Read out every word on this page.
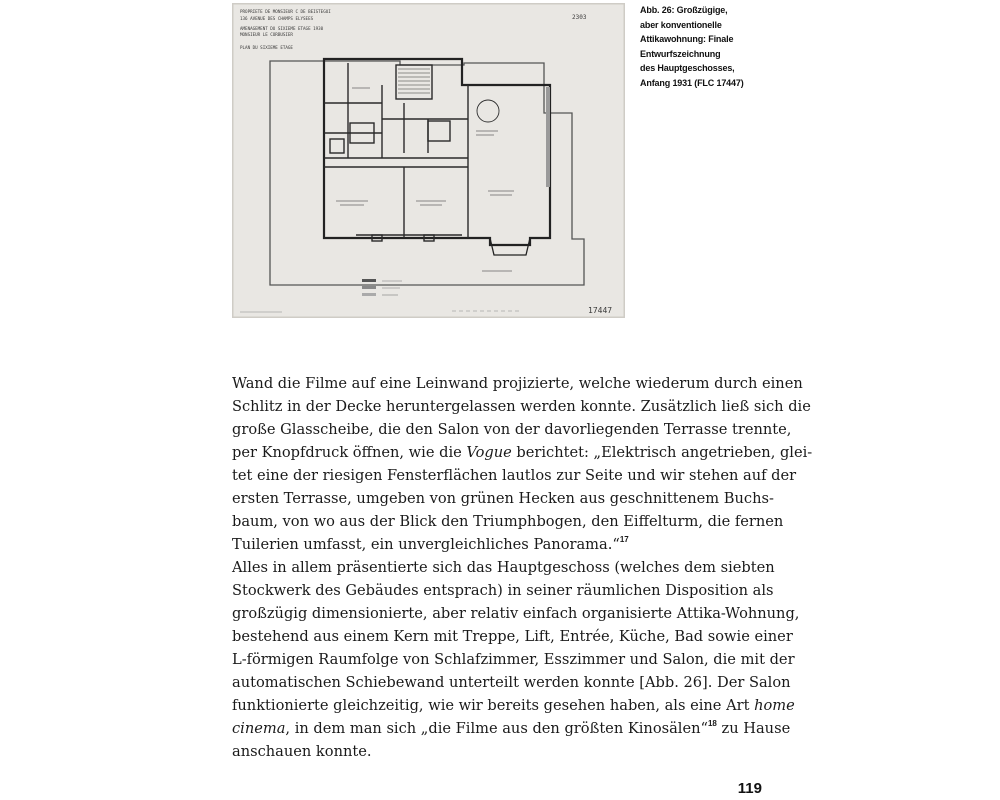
PROPRIETE DE MONSIEUR C DE BEISTEGUI
136 AVENUE DES CHAMPS ELYSEES
AMENAGEMENT DU SIXIEME ETAGE 1930
MONSIEUR LE CORBUSIER
PLAN DU SIXIEME ETAGE
2303
17447
Abb. 26: Großzügige,
aber konventionelle
Attikawohnung: Finale
Entwurfszeichnung
des Hauptgeschosses,
Anfang 1931 (FLC 17447)
Wand die Filme auf eine Leinwand projizierte, welche wiederum durch einen
Schlitz in der Decke heruntergelassen werden konnte. Zusätzlich ließ sich die
große Glasscheibe, die den Salon von der davorliegenden Terrasse trennte,
per Knopfdruck öffnen, wie die Vogue berichtet: „Elektrisch angetrieben, glei-
tet eine der riesigen Fensterflächen lautlos zur Seite und wir stehen auf der
ersten Terrasse, umgeben von grünen Hecken aus geschnittenem Buchs-
baum, von wo aus der Blick den Triumphbogen, den Eiffelturm, die fernen
Tuilerien umfasst, ein unvergleichliches Panorama.“$^{17}$
Alles in allem präsentierte sich das Hauptgeschoss (welches dem siebten
Stockwerk des Gebäudes entsprach) in seiner räumlichen Disposition als
großzügig dimensionierte, aber relativ einfach organisierte Attika-Wohnung,
bestehend aus einem Kern mit Treppe, Lift, Entrée, Küche, Bad sowie einer
L-förmigen Raumfolge von Schlafzimmer, Esszimmer und Salon, die mit der
automatischen Schiebewand unterteilt werden konnte [Abb. 26]. Der Salon
funktionierte gleichzeitig, wie wir bereits gesehen haben, als eine Art home
cinema, in dem man sich „die Filme aus den größten Kinosälen“$^{18}$ zu Hause
anschauen konnte.
119
